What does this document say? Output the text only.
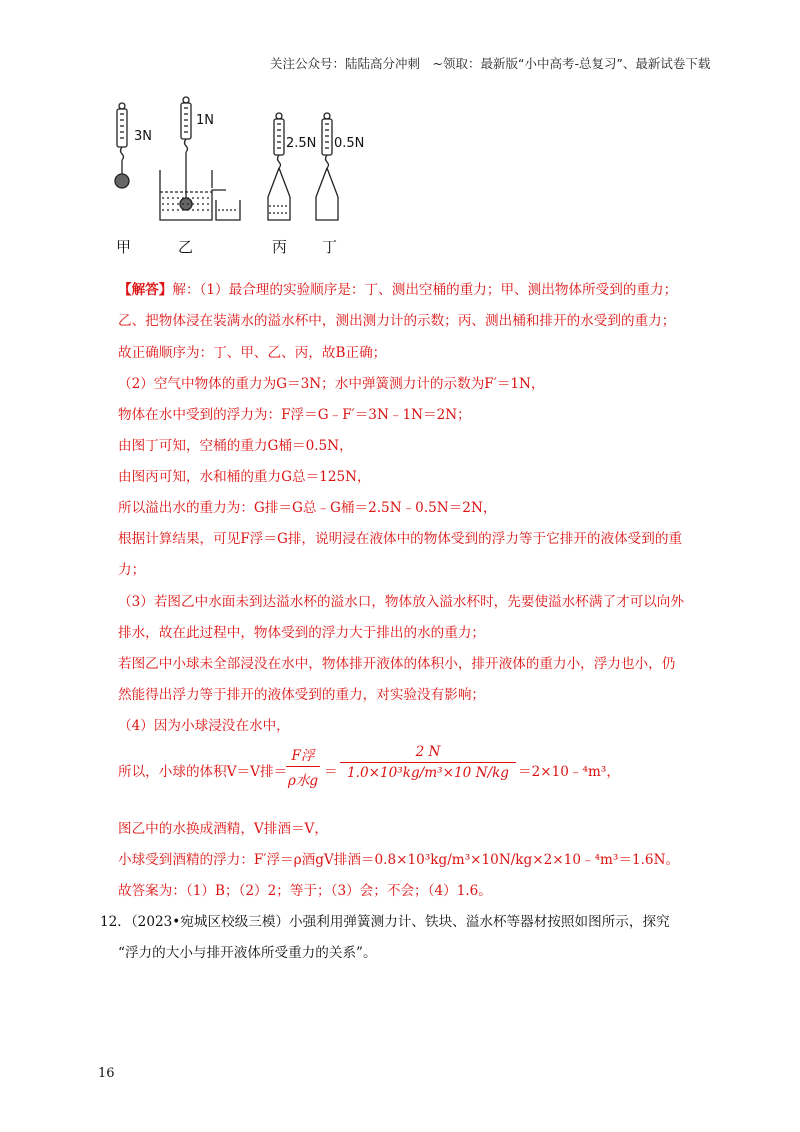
关注公众号：陆陆高分冲刺　~领取：最新版“小中高考-总复习”、最新试卷下载
3N
1N
2.5N 0.5N
甲	乙	丙 丁
【解答】解：（1）最合理的实验顺序是：丁、测出空桶的重力；甲、测出物体所受到的重力；
乙、把物体浸在装满水的溢水杯中，测出测力计的示数；丙、测出桶和排开的水受到的重力；
故正确顺序为：丁、甲、乙、丙，故B正确；
（2）空气中物体的重力为G＝3N；水中弹簧测力计的示数为F′＝1N，
物体在水中受到的浮力为：F浮＝G﹣F′＝3N﹣1N＝2N；
由图丁可知，空桶的重力G桶＝0.5N，
由图丙可知，水和桶的重力G总＝125N，
所以溢出水的重力为：G排＝G总﹣G桶＝2.5N﹣0.5N＝2N，
根据计算结果，可见F浮＝G排，说明浸在液体中的物体受到的浮力等于它排开的液体受到的重
力；
（3）若图乙中水面未到达溢水杯的溢水口，物体放入溢水杯时，先要使溢水杯满了才可以向外
排水，故在此过程中，物体受到的浮力大于排出的水的重力；
若图乙中小球未全部浸没在水中，物体排开液体的体积小，排开液体的重力小，浮力也小，仍
然能得出浮力等于排开的液体受到的重力，对实验没有影响；
（4）因为小球浸没在水中，
所以，小球的体积V＝V排＝
F浮
ρ水g
＝
2 N
1.0×10³kg/m³×10 N/kg ＝2×10﹣⁴m³，
图乙中的水换成酒精，V排酒＝V，
小球受到酒精的浮力：F′浮＝ρ酒gV排酒＝0.8×10³kg/m³×10N/kg×2×10﹣⁴m³＝1.6N。
故答案为：（1）B；（2）2；等于；（3）会；不会；（4）1.6。
12．（2023•宛城区校级三模）小强利用弹簧测力计、铁块、溢水杯等器材按照如图所示，探究
“浮力的大小与排开液体所受重力的关系”。
16
